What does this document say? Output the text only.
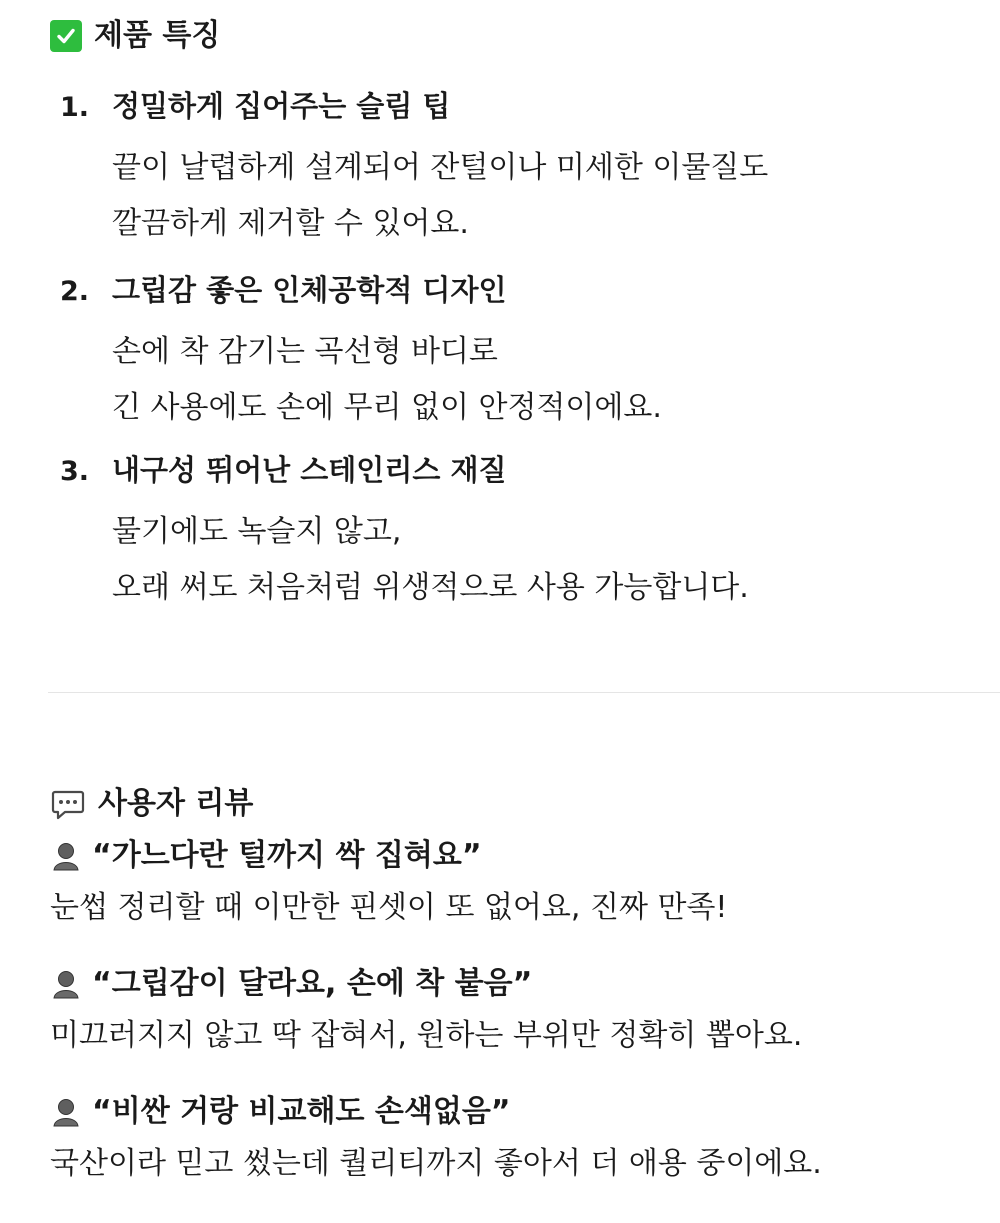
제품 특징
1. 정밀하게 집어주는 슬림 팁
끝이 날렵하게 설계되어 잔털이나 미세한 이물질도
깔끔하게 제거할 수 있어요.
2. 그립감 좋은 인체공학적 디자인
손에 착 감기는 곡선형 바디로
긴 사용에도 손에 무리 없이 안정적이에요.
3. 내구성 뛰어난 스테인리스 재질
물기에도 녹슬지 않고,
오래 써도 처음처럼 위생적으로 사용 가능합니다.
사용자 리뷰
“가느다란 털까지 싹 집혀요”
눈썹 정리할 때 이만한 핀셋이 또 없어요, 진짜 만족!
“그립감이 달라요, 손에 착 붙음”
미끄러지지 않고 딱 잡혀서, 원하는 부위만 정확히 뽑아요.
“비싼 거랑 비교해도 손색없음”
국산이라 믿고 썼는데 퀄리티까지 좋아서 더 애용 중이에요.
